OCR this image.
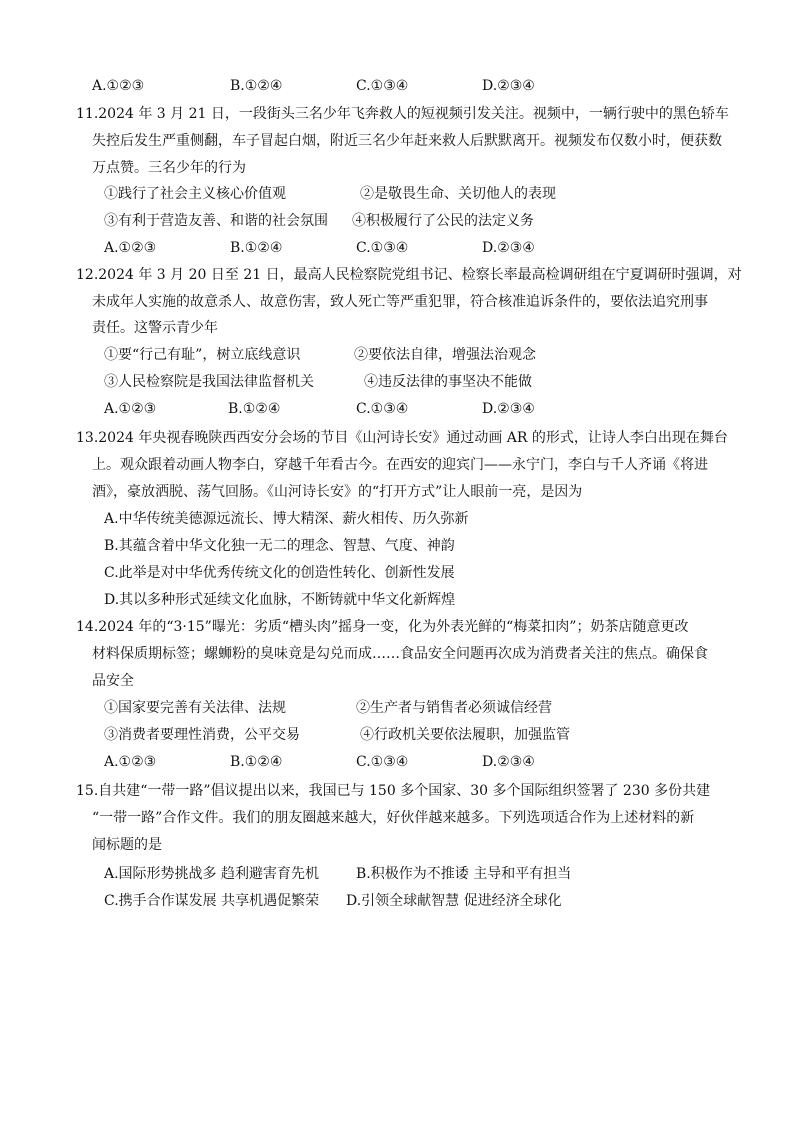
A.①②③	B.①②④	C.①③④	D.②③④
11.2024 年 3 月 21 日，一段街头三名少年飞奔救人的短视频引发关注。视频中，一辆行驶中的黑色轿车
失控后发生严重侧翻，车子冒起白烟，附近三名少年赶来救人后默默离开。视频发布仅数小时，便获数
万点赞。三名少年的行为
①践行了社会主义核心价值观	②是敬畏生命、关切他人的表现
③有利于营造友善、和谐的社会氛围 ④积极履行了公民的法定义务
A.①②③	B.①②④	C.①③④	D.②③④
12.2024 年 3 月 20 日至 21 日，最高人民检察院党组书记、检察长率最高检调研组在宁夏调研时强调，对
未成年人实施的故意杀人、故意伤害，致人死亡等严重犯罪，符合核准追诉条件的，要依法追究刑事
责任。这警示青少年
①要“行己有耻”，树立底线意识	②要依法自律，增强法治观念
③人民检察院是我国法律监督机关	④违反法律的事坚决不能做
A.①②③	B.①②④	C.①③④	D.②③④
13.2024 年央视春晚陕西西安分会场的节目《山河诗长安》通过动画 AR 的形式，让诗人李白出现在舞台
上。观众跟着动画人物李白，穿越千年看古今。在西安的迎宾门——永宁门，李白与千人齐诵《将进
酒》，豪放洒脱、荡气回肠。《山河诗长安》的“打开方式”让人眼前一亮，是因为
A.中华传统美德源远流长、博大精深、薪火相传、历久弥新
B.其蕴含着中华文化独一无二的理念、智慧、气度、神韵
C.此举是对中华优秀传统文化的创造性转化、创新性发展
D.其以多种形式延续文化血脉，不断铸就中华文化新辉煌
14.2024 年的“3·15”曝光：劣质“槽头肉”摇身一变，化为外表光鲜的“梅菜扣肉”；奶茶店随意更改
材料保质期标签；螺蛳粉的臭味竟是勾兑而成……食品安全问题再次成为消费者关注的焦点。确保食
品安全
①国家要完善有关法律、法规	②生产者与销售者必须诚信经营
③消费者要理性消费，公平交易	④行政机关要依法履职，加强监管
A.①②③	B.①②④	C.①③④	D.②③④
15.自共建“一带一路”倡议提出以来，我国已与 150 多个国家、30 多个国际组织签署了 230 多份共建
“一带一路”合作文件。我们的朋友圈越来越大，好伙伴越来越多。下列选项适合作为上述材料的新
闻标题的是
A.国际形势挑战多 趋利避害育先机	B.积极作为不推诿 主导和平有担当
C.携手合作谋发展 共享机遇促繁荣 D.引领全球献智慧 促进经济全球化
